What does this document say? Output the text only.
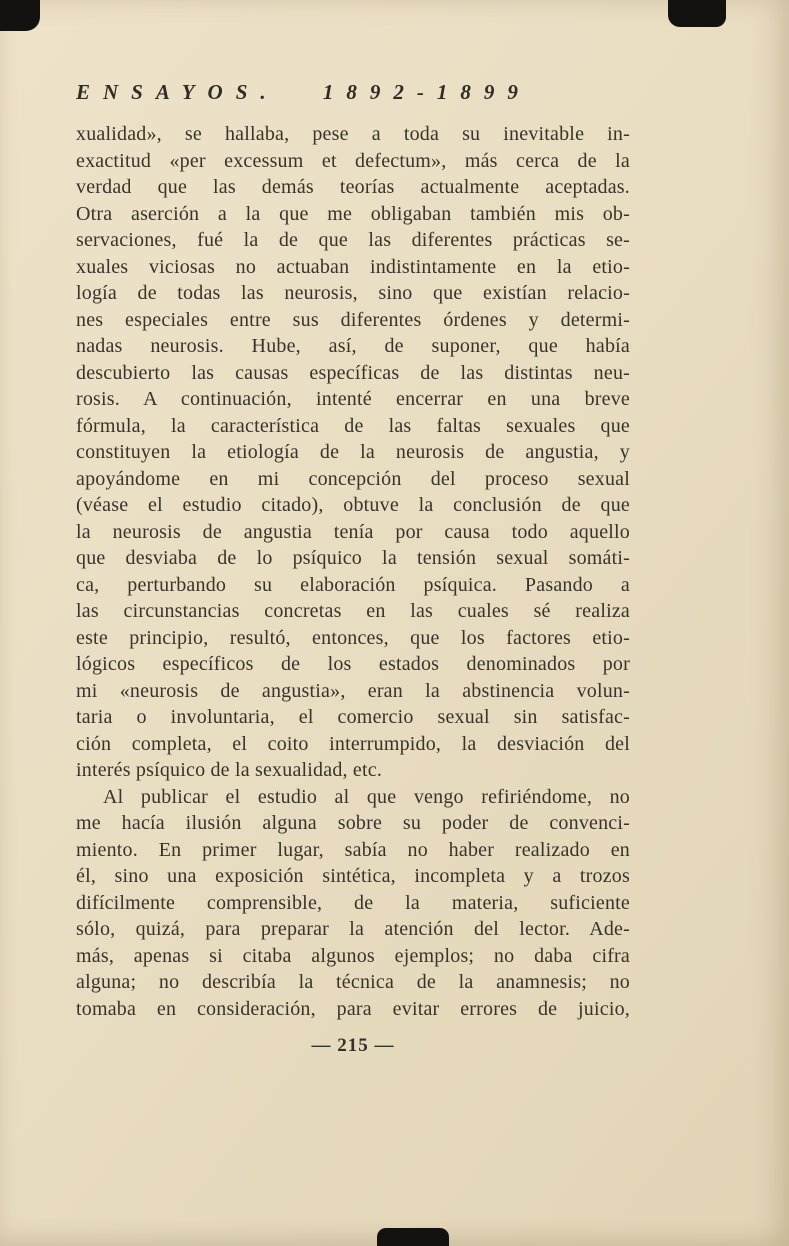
ENSAYOS. 1892-1899
xualidad», se hallaba, pese a toda su inevitable in-
exactitud «per excessum et defectum», más cerca de la
verdad que las demás teorías actualmente aceptadas.
Otra aserción a la que me obligaban también mis ob-
servaciones, fué la de que las diferentes prácticas se-
xuales viciosas no actuaban indistintamente en la etio-
logía de todas las neurosis, sino que existían relacio-
nes especiales entre sus diferentes órdenes y determi-
nadas neurosis. Hube, así, de suponer, que había
descubierto las causas específicas de las distintas neu-
rosis. A continuación, intenté encerrar en una breve
fórmula, la característica de las faltas sexuales que
constituyen la etiología de la neurosis de angustia, y
apoyándome en mi concepción del proceso sexual
(véase el estudio citado), obtuve la conclusión de que
la neurosis de angustia tenía por causa todo aquello
que desviaba de lo psíquico la tensión sexual somáti-
ca, perturbando su elaboración psíquica. Pasando a
las circunstancias concretas en las cuales sé realiza
este principio, resultó, entonces, que los factores etio-
lógicos específicos de los estados denominados por
mi «neurosis de angustia», eran la abstinencia volun-
taria o involuntaria, el comercio sexual sin satisfac-
ción completa, el coito interrumpido, la desviación del
interés psíquico de la sexualidad, etc.
Al publicar el estudio al que vengo refiriéndome, no
me hacía ilusión alguna sobre su poder de convenci-
miento. En primer lugar, sabía no haber realizado en
él, sino una exposición sintética, incompleta y a trozos
difícilmente comprensible, de la materia, suficiente
sólo, quizá, para preparar la atención del lector. Ade-
más, apenas si citaba algunos ejemplos; no daba cifra
alguna; no describía la técnica de la anamnesis; no
tomaba en consideración, para evitar errores de juicio,
— 215 —
